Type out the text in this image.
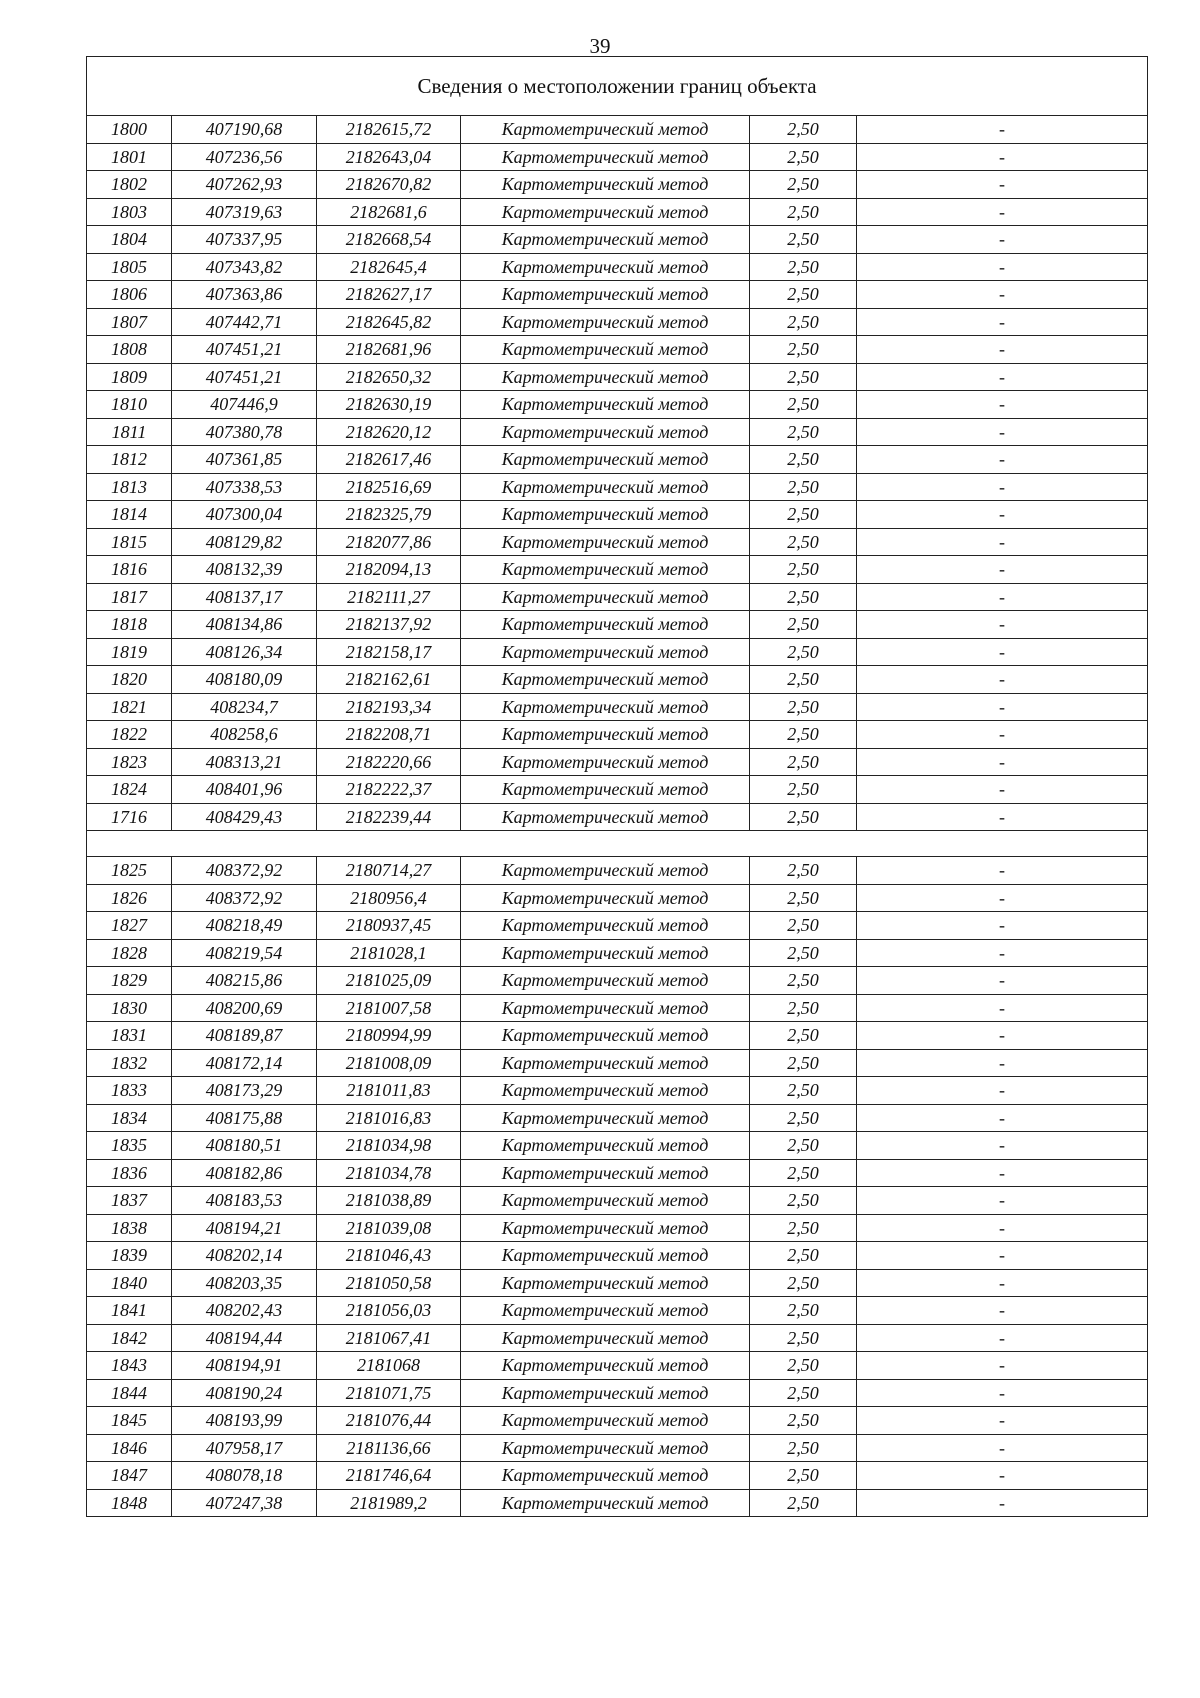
39
Сведения о местоположении границ объекта					
1800	407190,68	2182615,72	Картометрический метод	2,50	-
1801	407236,56	2182643,04	Картометрический метод	2,50	-
1802	407262,93	2182670,82	Картометрический метод	2,50	-
1803	407319,63	2182681,6	Картометрический метод	2,50	-
1804	407337,95	2182668,54	Картометрический метод	2,50	-
1805	407343,82	2182645,4	Картометрический метод	2,50	-
1806	407363,86	2182627,17	Картометрический метод	2,50	-
1807	407442,71	2182645,82	Картометрический метод	2,50	-
1808	407451,21	2182681,96	Картометрический метод	2,50	-
1809	407451,21	2182650,32	Картометрический метод	2,50	-
1810	407446,9	2182630,19	Картометрический метод	2,50	-
1811	407380,78	2182620,12	Картометрический метод	2,50	-
1812	407361,85	2182617,46	Картометрический метод	2,50	-
1813	407338,53	2182516,69	Картометрический метод	2,50	-
1814	407300,04	2182325,79	Картометрический метод	2,50	-
1815	408129,82	2182077,86	Картометрический метод	2,50	-
1816	408132,39	2182094,13	Картометрический метод	2,50	-
1817	408137,17	2182111,27	Картометрический метод	2,50	-
1818	408134,86	2182137,92	Картометрический метод	2,50	-
1819	408126,34	2182158,17	Картометрический метод	2,50	-
1820	408180,09	2182162,61	Картометрический метод	2,50	-
1821	408234,7	2182193,34	Картометрический метод	2,50	-
1822	408258,6	2182208,71	Картометрический метод	2,50	-
1823	408313,21	2182220,66	Картометрический метод	2,50	-
1824	408401,96	2182222,37	Картометрический метод	2,50	-
1716	408429,43	2182239,44	Картометрический метод	2,50	-

1825	408372,92	2180714,27	Картометрический метод	2,50	-
1826	408372,92	2180956,4	Картометрический метод	2,50	-
1827	408218,49	2180937,45	Картометрический метод	2,50	-
1828	408219,54	2181028,1	Картометрический метод	2,50	-
1829	408215,86	2181025,09	Картометрический метод	2,50	-
1830	408200,69	2181007,58	Картометрический метод	2,50	-
1831	408189,87	2180994,99	Картометрический метод	2,50	-
1832	408172,14	2181008,09	Картометрический метод	2,50	-
1833	408173,29	2181011,83	Картометрический метод	2,50	-
1834	408175,88	2181016,83	Картометрический метод	2,50	-
1835	408180,51	2181034,98	Картометрический метод	2,50	-
1836	408182,86	2181034,78	Картометрический метод	2,50	-
1837	408183,53	2181038,89	Картометрический метод	2,50	-
1838	408194,21	2181039,08	Картометрический метод	2,50	-
1839	408202,14	2181046,43	Картометрический метод	2,50	-
1840	408203,35	2181050,58	Картометрический метод	2,50	-
1841	408202,43	2181056,03	Картометрический метод	2,50	-
1842	408194,44	2181067,41	Картометрический метод	2,50	-
1843	408194,91	2181068	Картометрический метод	2,50	-
1844	408190,24	2181071,75	Картометрический метод	2,50	-
1845	408193,99	2181076,44	Картометрический метод	2,50	-
1846	407958,17	2181136,66	Картометрический метод	2,50	-
1847	408078,18	2181746,64	Картометрический метод	2,50	-
1848	407247,38	2181989,2	Картометрический метод	2,50	-
